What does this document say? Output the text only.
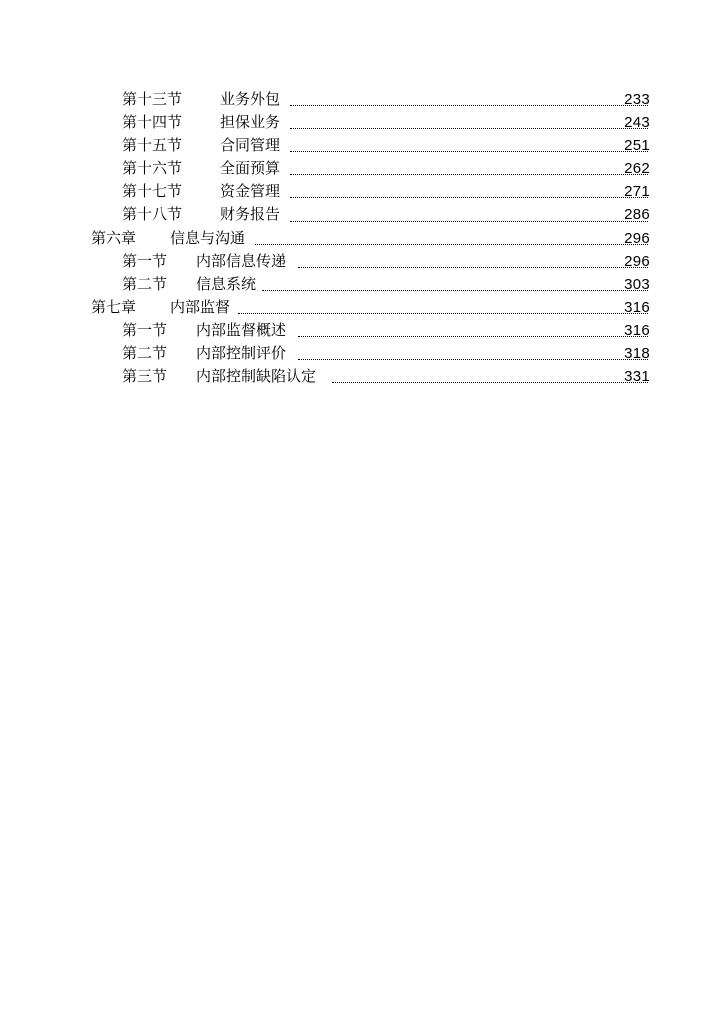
第十三节	业务外包	233
第十四节	担保业务	243
第十五节	合同管理	251
第十六节	全面预算	262
第十七节	资金管理	271
第十八节	财务报告	286
第六章 信息与沟通	296
第一节 内部信息传递	296
第二节 信息系统	303
第七章 内部监督	316
第一节 内部监督概述	316
第二节 内部控制评价	318
第三节 内部控制缺陷认定	331
